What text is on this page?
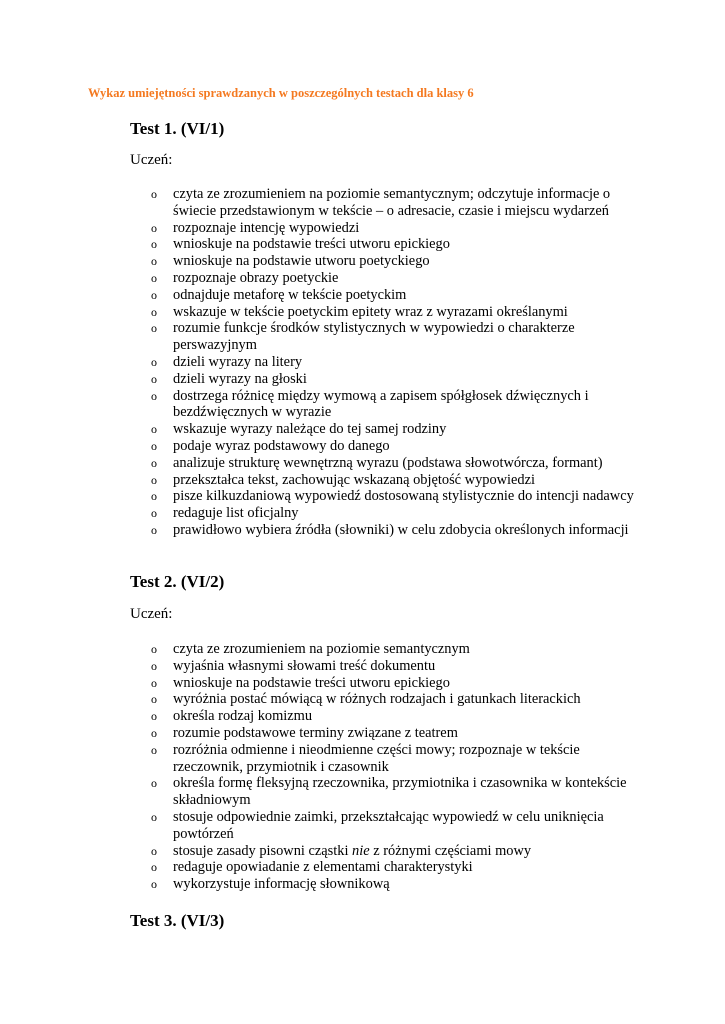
Wykaz umiejętności sprawdzanych w poszczególnych testach dla klasy 6

Test 1. (VI/1)

Uczeń:

o czyta ze zrozumieniem na poziomie semantycznym; odczytuje informacje o świecie przedstawionym w tekście – o adresacie, czasie i miejscu wydarzeń
o rozpoznaje intencję wypowiedzi
o wnioskuje na podstawie treści utworu epickiego
o wnioskuje na podstawie utworu poetyckiego
o rozpoznaje obrazy poetyckie
o odnajduje metaforę w tekście poetyckim
o wskazuje w tekście poetyckim epitety wraz z wyrazami określanymi
o rozumie funkcje środków stylistycznych w wypowiedzi o charakterze perswazyjnym
o dzieli wyrazy na litery
o dzieli wyrazy na głoski
o dostrzega różnicę między wymową a zapisem spółgłosek dźwięcznych i bezdźwięcznych w wyrazie
o wskazuje wyrazy należące do tej samej rodziny
o podaje wyraz podstawowy do danego
o analizuje strukturę wewnętrzną wyrazu (podstawa słowotwórcza, formant)
o przekształca tekst, zachowując wskazaną objętość wypowiedzi
o pisze kilkuzdaniową wypowiedź dostosowaną stylistycznie do intencji nadawcy
o redaguje list oficjalny
o prawidłowo wybiera źródła (słowniki) w celu zdobycia określonych informacji

Test 2. (VI/2)

Uczeń:

o czyta ze zrozumieniem na poziomie semantycznym
o wyjaśnia własnymi słowami treść dokumentu
o wnioskuje na podstawie treści utworu epickiego
o wyróżnia postać mówiącą w różnych rodzajach i gatunkach literackich
o określa rodzaj komizmu
o rozumie podstawowe terminy związane z teatrem
o rozróżnia odmienne i nieodmienne części mowy; rozpoznaje w tekście rzeczownik, przymiotnik i czasownik
o określa formę fleksyjną rzeczownika, przymiotnika i czasownika w kontekście składniowym
o stosuje odpowiednie zaimki, przekształcając wypowiedź w celu uniknięcia powtórzeń
o stosuje zasady pisowni cząstki nie z różnymi częściami mowy
o redaguje opowiadanie z elementami charakterystyki
o wykorzystuje informację słownikową

Test 3. (VI/3)
